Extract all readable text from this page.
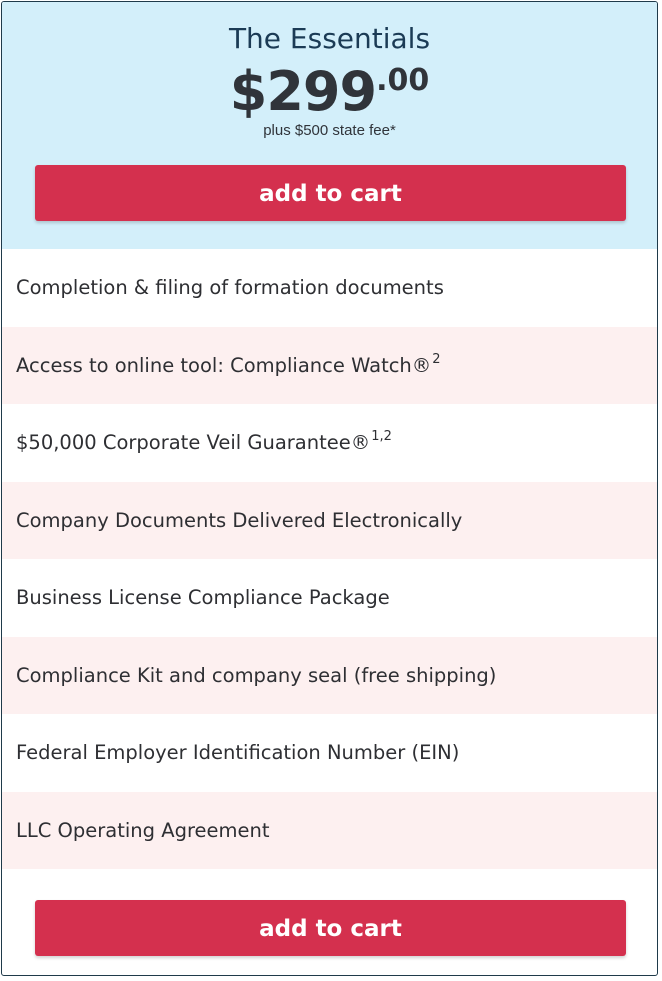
The Essentials
$299.00
plus $500 state fee*
add to cart
Completion & filing of formation documents
Access to online tool: Compliance Watch®$^2$
$50,000 Corporate Veil Guarantee®$^{1,2}$
Company Documents Delivered Electronically
Business License Compliance Package
Compliance Kit and company seal (free shipping)
Federal Employer Identification Number (EIN)
LLC Operating Agreement
add to cart
